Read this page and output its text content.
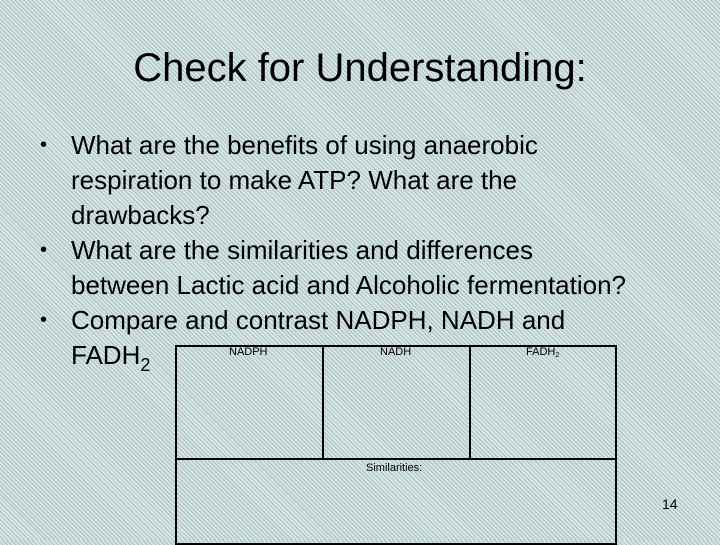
Check for Understanding:
• What are the benefits of using anaerobic
respiration to make ATP? What are the
drawbacks?
• What are the similarities and differences
between Lactic acid and Alcoholic fermentation?
• Compare and contrast NADPH, NADH and
$FADH_2$
NADPH	NADH	$FADH_2$
Similarities:
14
